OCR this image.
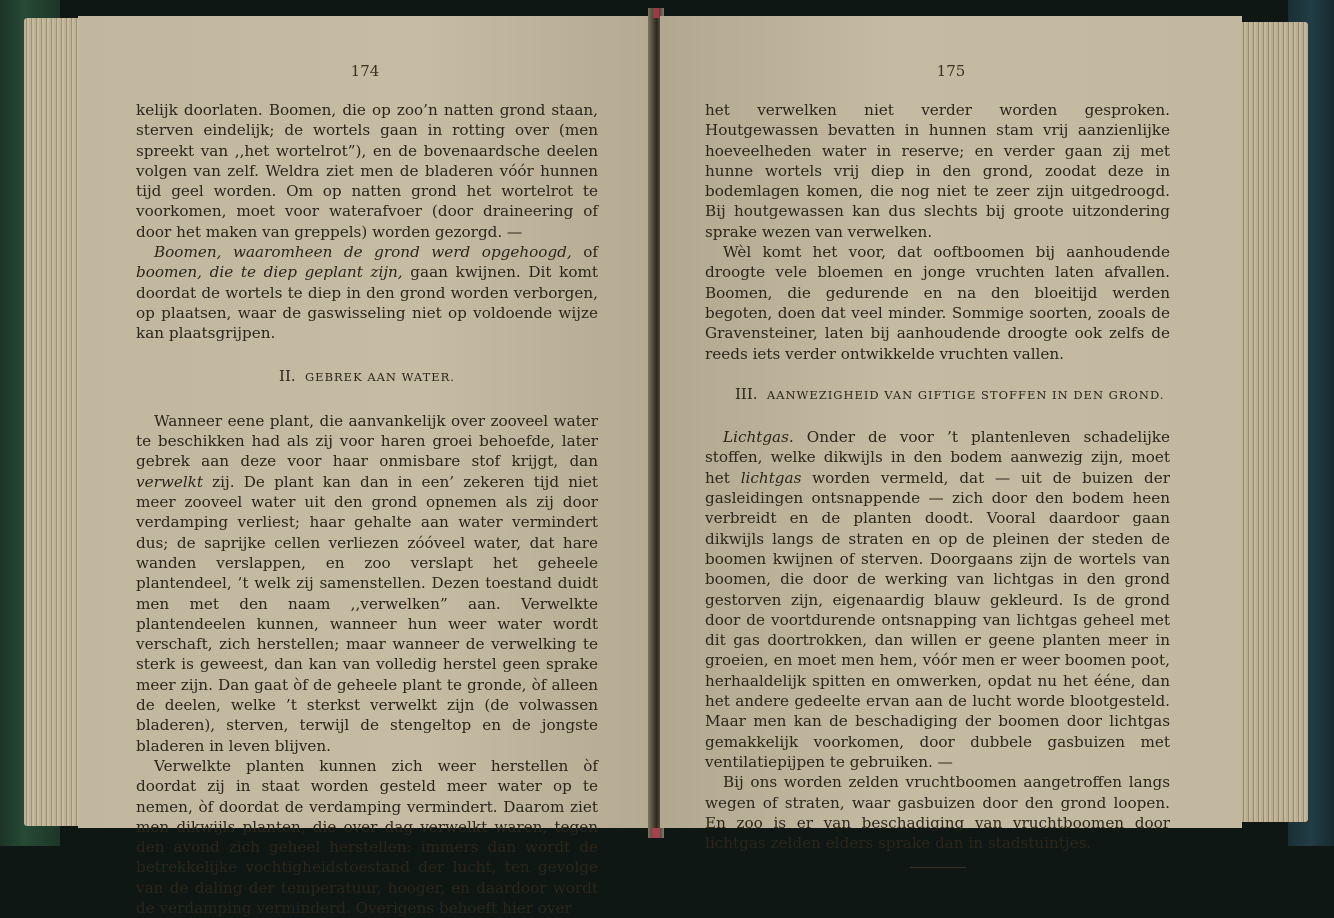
174

kelijk doorlaten. Boomen, die op zoo’n natten grond staan, sterven eindelijk; de wortels gaan in rotting over (men spreekt van ,,het wortelrot”), en de bovenaardsche deelen volgen van zelf. Weldra ziet men de bladeren vóór hunnen tijd geel worden. Om op natten grond het wortelrot te voorkomen, moet voor waterafvoer (door draineering of door het maken van greppels) worden gezorgd. —

Boomen, waaromheen de grond werd opgehoogd, of boomen, die te diep geplant zijn, gaan kwijnen. Dit komt doordat de wortels te diep in den grond worden verborgen, op plaatsen, waar de gaswisseling niet op voldoende wijze kan plaatsgrijpen.

II. GEBREK AAN WATER.

Wanneer eene plant, die aanvankelijk over zooveel water te beschikken had als zij voor haren groei behoefde, later gebrek aan deze voor haar onmisbare stof krijgt, dan verwelkt zij. De plant kan dan in een’ zekeren tijd niet meer zooveel water uit den grond opnemen als zij door verdamping verliest; haar gehalte aan water vermindert dus; de saprijke cellen verliezen zóóveel water, dat hare wanden verslappen, en zoo verslapt het geheele plantendeel, ’t welk zij samenstellen. Dezen toestand duidt men met den naam ,,verwelken” aan. Verwelkte plantendeelen kunnen, wanneer hun weer water wordt verschaft, zich herstellen; maar wanneer de verwelking te sterk is geweest, dan kan van volledig herstel geen sprake meer zijn. Dan gaat òf de geheele plant te gronde, òf alleen de deelen, welke ’t sterkst verwelkt zijn (de volwassen bladeren), sterven, terwijl de stengeltop en de jongste bladeren in leven blijven.

Verwelkte planten kunnen zich weer herstellen òf doordat zij in staat worden gesteld meer water op te nemen, òf doordat de verdamping vermindert. Daarom ziet men dikwijls planten, die over dag verwelkt waren, tegen den avond zich geheel herstellen: immers dan wordt de betrekkelijke vochtigheidstoestand der lucht, ten gevolge van de daling der temperatuur, hooger, en daardoor wordt de verdamping verminderd. Overigens behoeft hier over

175

het verwelken niet verder worden gesproken. Houtgewassen bevatten in hunnen stam vrij aanzienlijke hoeveelheden water in reserve; en verder gaan zij met hunne wortels vrij diep in den grond, zoodat deze in bodemlagen komen, die nog niet te zeer zijn uitgedroogd. Bij houtgewassen kan dus slechts bij groote uitzondering sprake wezen van verwelken.

Wèl komt het voor, dat ooftboomen bij aanhoudende droogte vele bloemen en jonge vruchten laten afvallen. Boomen, die gedurende en na den bloeitijd werden begoten, doen dat veel minder. Sommige soorten, zooals de Gravensteiner, laten bij aanhoudende droogte ook zelfs de reeds iets verder ontwikkelde vruchten vallen.

III. AANWEZIGHEID VAN GIFTIGE STOFFEN IN DEN GROND.

Lichtgas. Onder de voor ’t plantenleven schadelijke stoffen, welke dikwijls in den bodem aanwezig zijn, moet het lichtgas worden vermeld, dat — uit de buizen der gasleidingen ontsnappende — zich door den bodem heen verbreidt en de planten doodt. Vooral daardoor gaan dikwijls langs de straten en op de pleinen der steden de boomen kwijnen of sterven. Doorgaans zijn de wortels van boomen, die door de werking van lichtgas in den grond gestorven zijn, eigenaardig blauw gekleurd. Is de grond door de voortdurende ontsnapping van lichtgas geheel met dit gas doortrokken, dan willen er geene planten meer in groeien, en moet men hem, vóór men er weer boomen poot, herhaaldelijk spitten en omwerken, opdat nu het ééne, dan het andere gedeelte ervan aan de lucht worde blootgesteld. Maar men kan de beschadiging der boomen door lichtgas gemakkelijk voorkomen, door dubbele gasbuizen met ventilatiepijpen te gebruiken. —

Bij ons worden zelden vruchtboomen aangetroffen langs wegen of straten, waar gasbuizen door den grond loopen. En zoo is er van beschadiging van vruchtboomen door lichtgas zelden elders sprake dan in stadstuintjes.
